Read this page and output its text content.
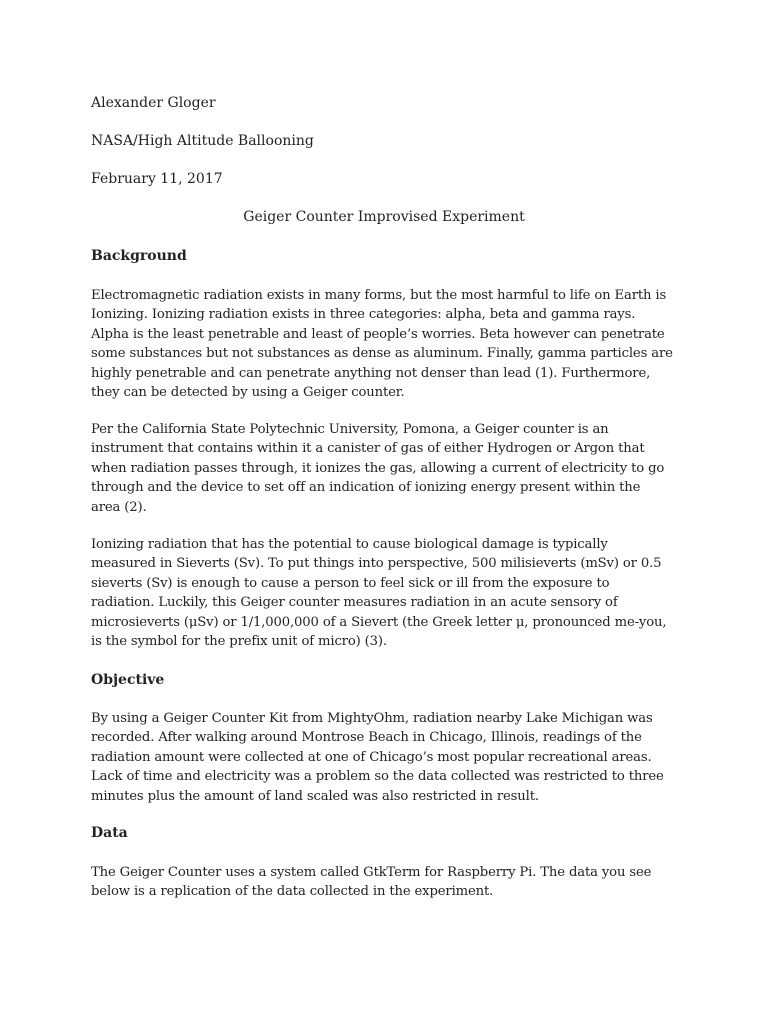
Alexander Gloger

NASA/High Altitude Ballooning

February 11, 2017

Geiger Counter Improvised Experiment
Background

Electromagnetic radiation exists in many forms, but the most harmful to life on Earth is
Ionizing. Ionizing radiation exists in three categories: alpha, beta and gamma rays.
Alpha is the least penetrable and least of people’s worries. Beta however can penetrate
some substances but not substances as dense as aluminum. Finally, gamma particles are
highly penetrable and can penetrate anything not denser than lead (1). Furthermore,
they can be detected by using a Geiger counter.

Per the California State Polytechnic University, Pomona, a Geiger counter is an
instrument that contains within it a canister of gas of either Hydrogen or Argon that
when radiation passes through, it ionizes the gas, allowing a current of electricity to go
through and the device to set off an indication of ionizing energy present within the
area (2).

Ionizing radiation that has the potential to cause biological damage is typically
measured in Sieverts (Sv). To put things into perspective, 500 milisieverts (mSv) or 0.5
sieverts (Sv) is enough to cause a person to feel sick or ill from the exposure to
radiation. Luckily, this Geiger counter measures radiation in an acute sensory of
microsieverts (μSv) or 1/1,000,000 of a Sievert (the Greek letter μ, pronounced me-you,
is the symbol for the prefix unit of micro) (3).

Objective

By using a Geiger Counter Kit from MightyOhm, radiation nearby Lake Michigan was
recorded. After walking around Montrose Beach in Chicago, Illinois, readings of the
radiation amount were collected at one of Chicago’s most popular recreational areas.
Lack of time and electricity was a problem so the data collected was restricted to three
minutes plus the amount of land scaled was also restricted in result.

Data

The Geiger Counter uses a system called GtkTerm for Raspberry Pi. The data you see
below is a replication of the data collected in the experiment.
